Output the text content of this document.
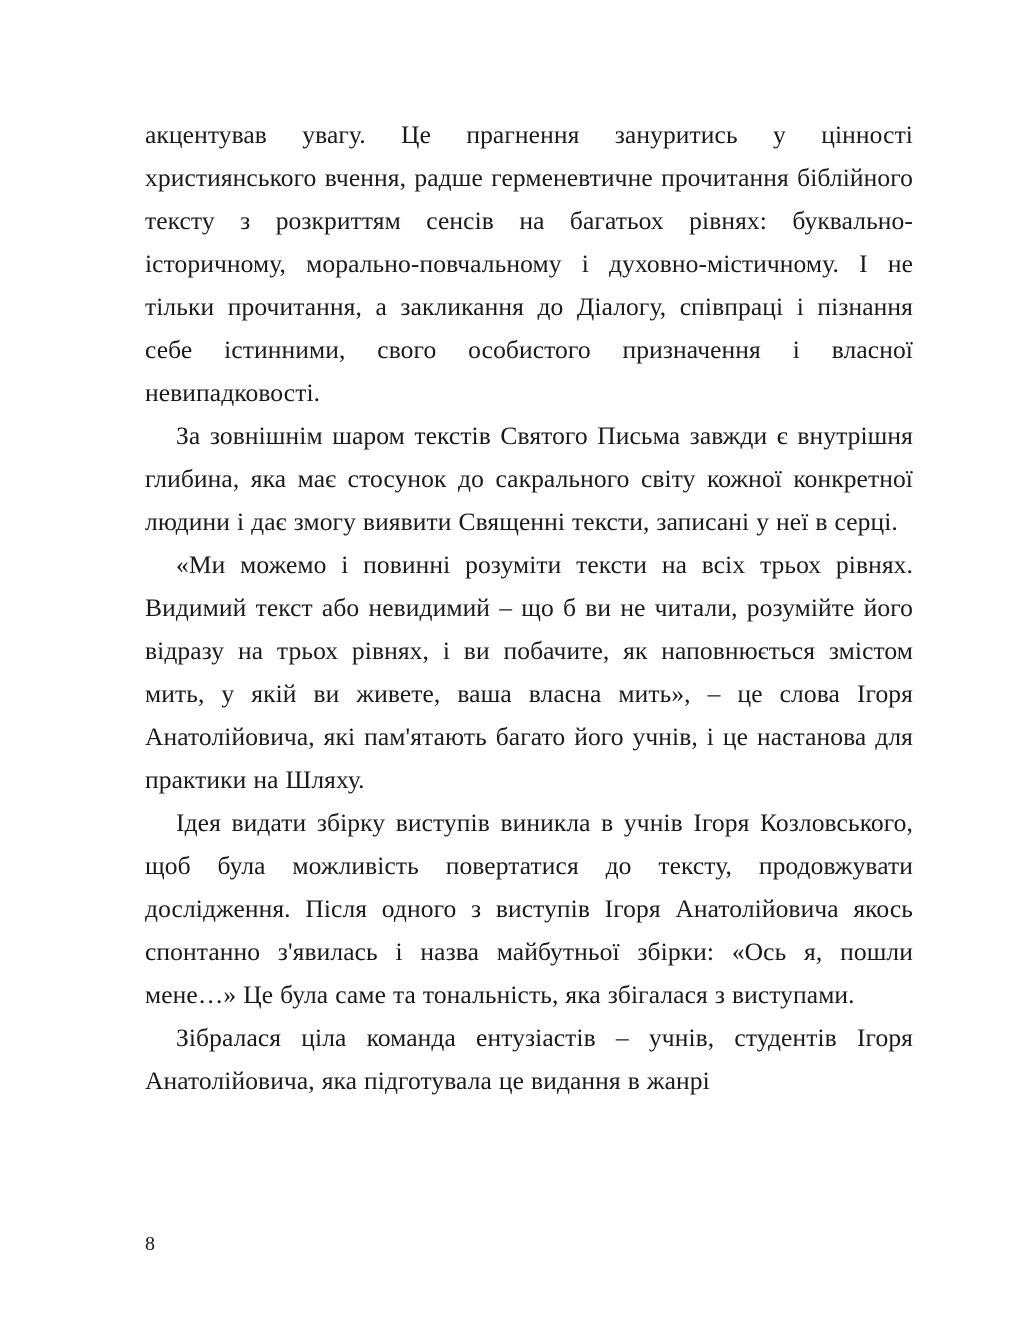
акцентував увагу. Це прагнення зануритись у цінності християнського вчення, радше герменевтичне прочитання біблійного тексту з розкриттям сенсів на багатьох рівнях: буквально-історичному, морально-повчальному і духовно-містичному. І не тільки прочитання, а закликання до Діалогу, співпраці і пізнання себе істинними, свого особистого призначення і власної невипадковості.

За зовнішнім шаром текстів Святого Письма завжди є внутрішня глибина, яка має стосунок до сакрального світу кожної конкретної людини і дає змогу виявити Священні тексти, записані у неї в серці.

«Ми можемо і повинні розуміти тексти на всіх трьох рівнях. Видимий текст або невидимий – що б ви не читали, розумійте його відразу на трьох рівнях, і ви побачите, як наповнюється змістом мить, у якій ви живете, ваша власна мить», – це слова Ігоря Анатолійовича, які пам'ятають багато його учнів, і це настанова для практики на Шляху.

Ідея видати збірку виступів виникла в учнів Ігоря Козловського, щоб була можливість повертатися до тексту, продовжувати дослідження. Після одного з виступів Ігоря Анатолійовича якось спонтанно з'явилась і назва майбутньої збірки: «Ось я, пошли мене…» Це була саме та тональність, яка збігалася з виступами.

Зібралася ціла команда ентузіастів – учнів, студентів Ігоря Анатолійовича, яка підготувала це видання в жанрі

8
